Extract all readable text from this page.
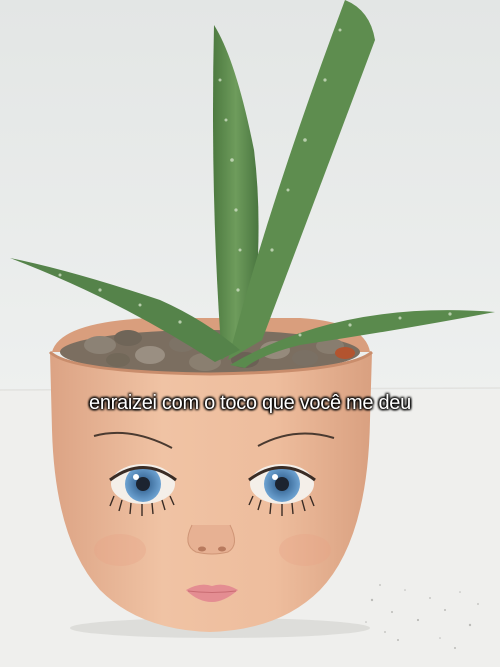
enraizei com o toco que você me deu
